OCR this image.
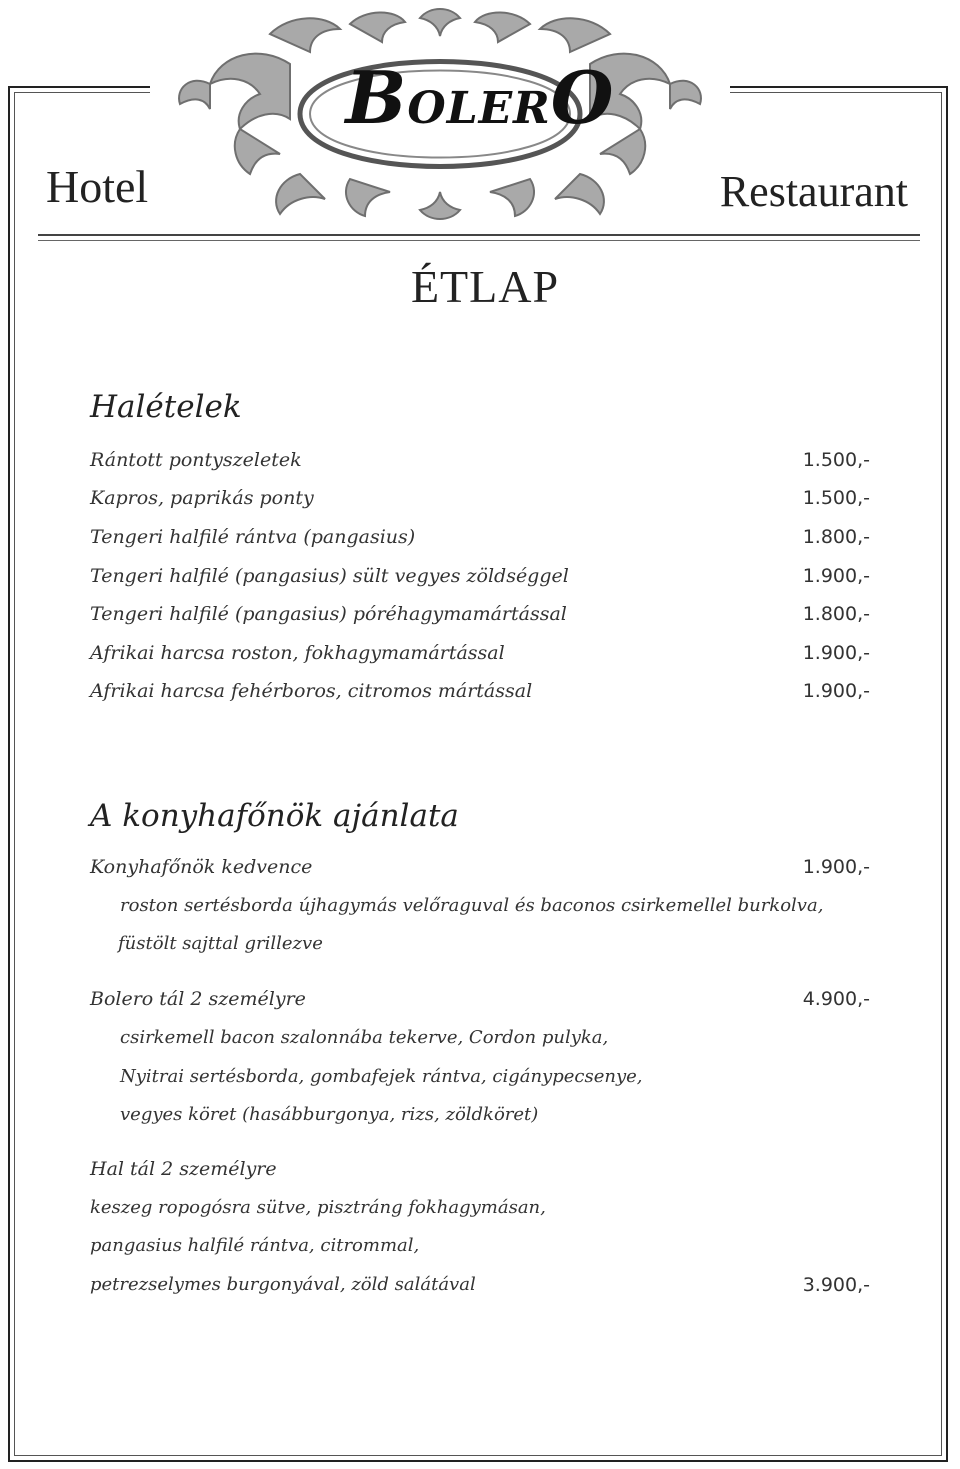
BOLERO
Hotel	Restaurant
ÉTLAP
Halételek
Rántott pontyszeletek	1.500,-
Kapros, paprikás ponty	1.500,-
Tengeri halfilé rántva (pangasius)	1.800,-
Tengeri halfilé (pangasius) sült vegyes zöldséggel	1.900,-
Tengeri halfilé (pangasius) póréhagymamártással	1.800,-
Afrikai harcsa roston, fokhagymamártással	1.900,-
Afrikai harcsa fehérboros, citromos mártással	1.900,-
A konyhafőnök ajánlata
Konyhafőnök kedvence	1.900,-
roston sertésborda újhagymás velőraguval és baconos csirkemellel burkolva,
füstölt sajttal grillezve
Bolero tál 2 személyre	4.900,-
csirkemell bacon szalonnába tekerve, Cordon pulyka,
Nyitrai sertésborda, gombafejek rántva, cigánypecsenye,
vegyes köret (hasábburgonya, rizs, zöldköret)
Hal tál 2 személyre
keszeg ropogósra sütve, pisztráng fokhagymásan,
pangasius halfilé rántva, citrommal,
petrezselymes burgonyával, zöld salátával	3.900,-
